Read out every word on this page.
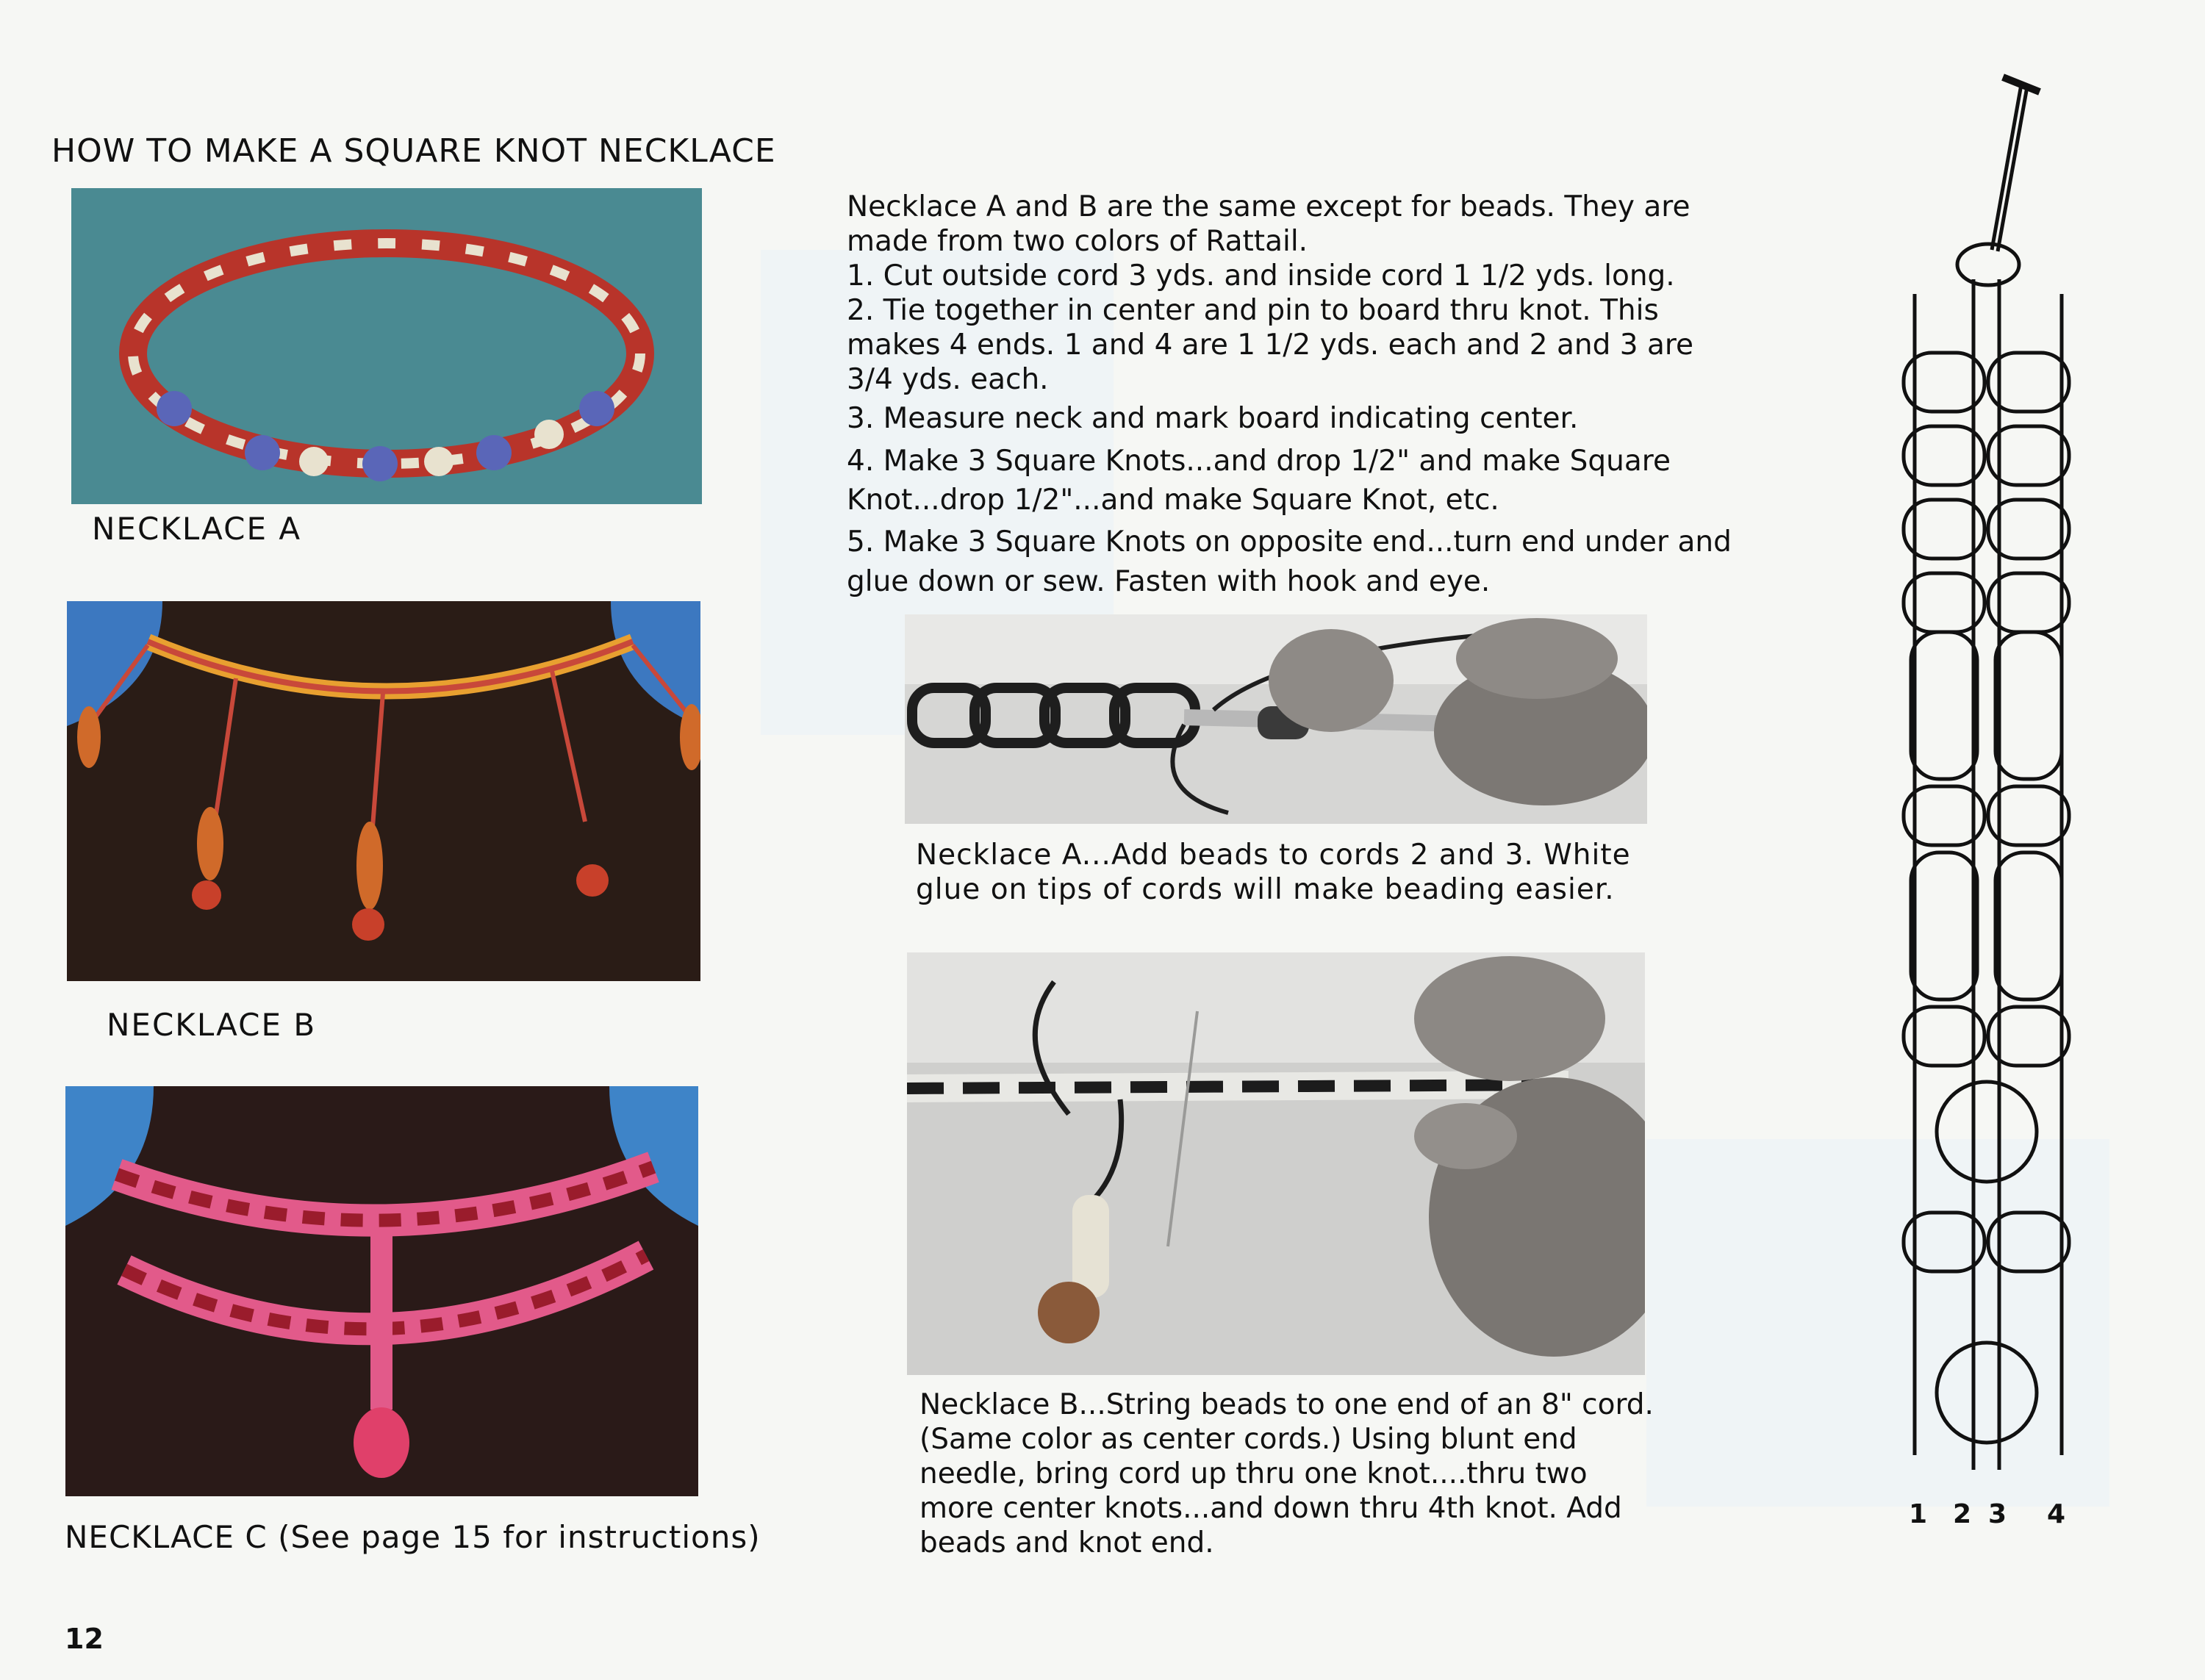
HOW TO MAKE A SQUARE KNOT NECKLACE
NECKLACE A
NECKLACE B
NECKLACE C (See page 15 for instructions)

Necklace A and B are the same except for beads. They are made from two colors of Rattail.

1. Cut outside cord 3 yds. and inside cord 1 1/2 yds. long.

2. Tie together in center and pin to board thru knot. This makes 4 ends. 1 and 4 are 1 1/2 yds. each and 2 and 3 are 3/4 yds. each.

3. Measure neck and mark board indicating center.

4. Make 3 Square Knots...and drop 1/2" and make Square Knot...drop 1/2"...and make Square Knot, etc.

5. Make 3 Square Knots on opposite end...turn end under and glue down or sew. Fasten with hook and eye.

Necklace A...Add beads to cords 2 and 3. White glue on tips of cords will make beading easier.
Necklace B...String beads to one end of an 8" cord. (Same color as center cords.) Using blunt end needle, bring cord up thru one knot....thru two more center knots...and down thru 4th knot. Add beads and knot end.
1 2 3 4
12
